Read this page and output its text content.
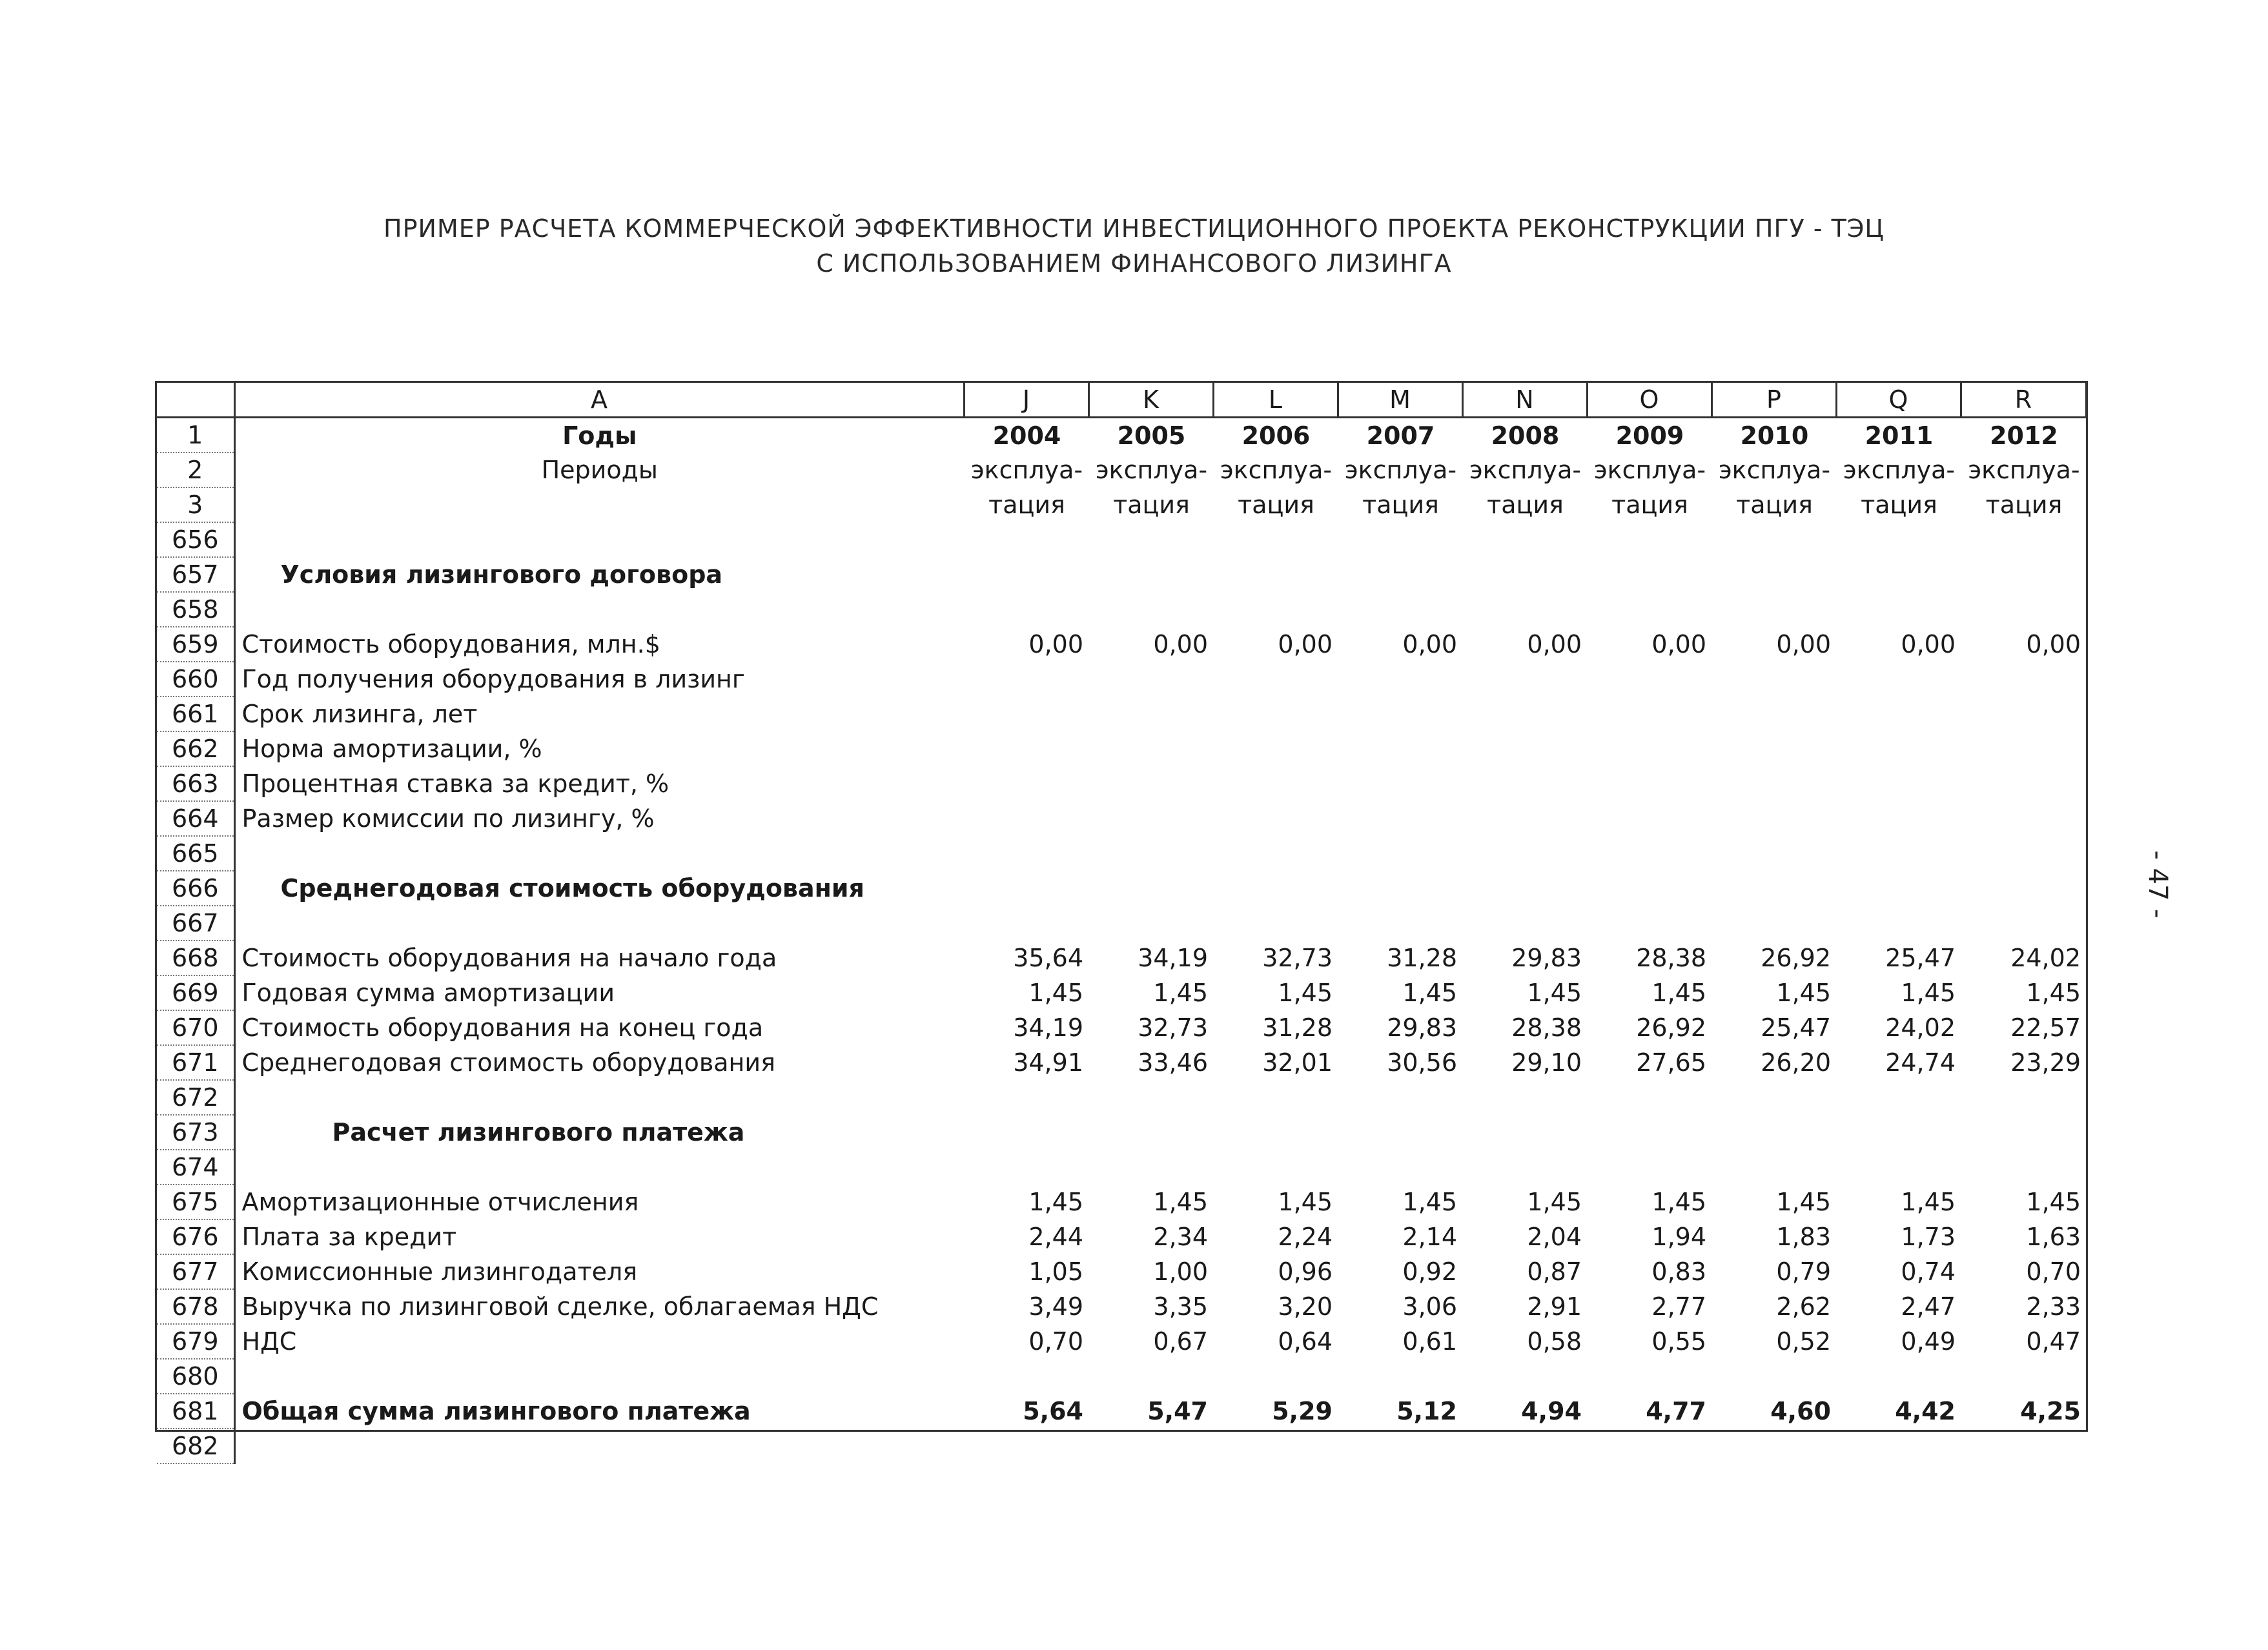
ПРИМЕР РАСЧЕТА КОММЕРЧЕСКОЙ ЭФФЕКТИВНОСТИ ИНВЕСТИЦИОННОГО ПРОЕКТА РЕКОНСТРУКЦИИ ПГУ - ТЭЦ
С ИСПОЛЬЗОВАНИЕМ ФИНАНСОВОГО ЛИЗИНГА
- 47 -
	A	J	K	L	M	N	O	P	Q	R
1	Годы	2004	2005	2006	2007	2008	2009	2010	2011	2012
2	Периоды	эксплуа-	эксплуа-	эксплуа-	эксплуа-	эксплуа-	эксплуа-	эксплуа-	эксплуа-	эксплуа-
3		тация	тация	тация	тация	тация	тация	тация	тация	тация
656										
657	Условия лизингового договора									
658										
659	Стоимость оборудования, млн.$	0,00	0,00	0,00	0,00	0,00	0,00	0,00	0,00	0,00
660	Год получения оборудования в лизинг									
661	Срок лизинга, лет									
662	Норма амортизации, %									
663	Процентная ставка за кредит, %									
664	Размер комиссии по лизингу, %									
665										
666	Среднегодовая стоимость оборудования									
667										
668	Стоимость оборудования на начало года	35,64	34,19	32,73	31,28	29,83	28,38	26,92	25,47	24,02
669	Годовая сумма амортизации	1,45	1,45	1,45	1,45	1,45	1,45	1,45	1,45	1,45
670	Стоимость оборудования на конец года	34,19	32,73	31,28	29,83	28,38	26,92	25,47	24,02	22,57
671	Среднегодовая стоимость оборудования	34,91	33,46	32,01	30,56	29,10	27,65	26,20	24,74	23,29
672										
673	Расчет лизингового платежа									
674										
675	Амортизационные отчисления	1,45	1,45	1,45	1,45	1,45	1,45	1,45	1,45	1,45
676	Плата за кредит	2,44	2,34	2,24	2,14	2,04	1,94	1,83	1,73	1,63
677	Комиссионные лизингодателя	1,05	1,00	0,96	0,92	0,87	0,83	0,79	0,74	0,70
678	Выручка по лизинговой сделке, облагаемая НДС	3,49	3,35	3,20	3,06	2,91	2,77	2,62	2,47	2,33
679	НДС	0,70	0,67	0,64	0,61	0,58	0,55	0,52	0,49	0,47
680										
681	Общая сумма лизингового платежа	5,64	5,47	5,29	5,12	4,94	4,77	4,60	4,42	4,25
682										
